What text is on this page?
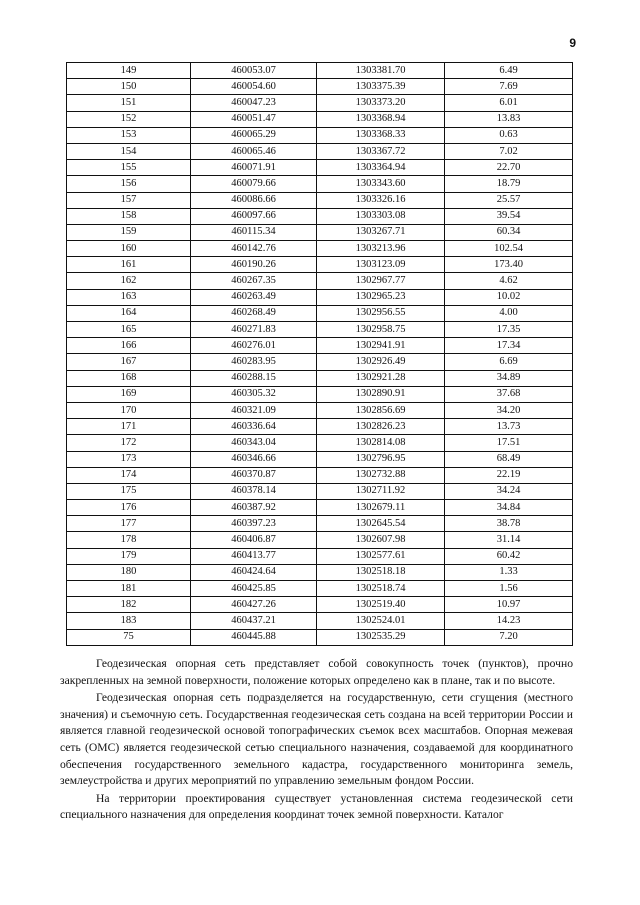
9
149	460053.07	1303381.70	6.49
150	460054.60	1303375.39	7.69
151	460047.23	1303373.20	6.01
152	460051.47	1303368.94	13.83
153	460065.29	1303368.33	0.63
154	460065.46	1303367.72	7.02
155	460071.91	1303364.94	22.70
156	460079.66	1303343.60	18.79
157	460086.66	1303326.16	25.57
158	460097.66	1303303.08	39.54
159	460115.34	1303267.71	60.34
160	460142.76	1303213.96	102.54
161	460190.26	1303123.09	173.40
162	460267.35	1302967.77	4.62
163	460263.49	1302965.23	10.02
164	460268.49	1302956.55	4.00
165	460271.83	1302958.75	17.35
166	460276.01	1302941.91	17.34
167	460283.95	1302926.49	6.69
168	460288.15	1302921.28	34.89
169	460305.32	1302890.91	37.68
170	460321.09	1302856.69	34.20
171	460336.64	1302826.23	13.73
172	460343.04	1302814.08	17.51
173	460346.66	1302796.95	68.49
174	460370.87	1302732.88	22.19
175	460378.14	1302711.92	34.24
176	460387.92	1302679.11	34.84
177	460397.23	1302645.54	38.78
178	460406.87	1302607.98	31.14
179	460413.77	1302577.61	60.42
180	460424.64	1302518.18	1.33
181	460425.85	1302518.74	1.56
182	460427.26	1302519.40	10.97
183	460437.21	1302524.01	14.23
75	460445.88	1302535.29	7.20

Геодезическая опорная сеть представляет собой совокупность точек (пунктов), прочно закрепленных на земной поверхности, положение которых определено как в плане, так и по высоте.

Геодезическая опорная сеть подразделяется на государственную, сети сгущения (местного значения) и съемочную сеть. Государственная геодезическая сеть создана на всей территории России и является главной геодезической основой топографических съемок всех масштабов. Опорная межевая сеть (ОМС) является геодезической сетью специального назначения, создаваемой для координатного обеспечения государственного земельного кадастра, государственного мониторинга земель, землеустройства и других мероприятий по управлению земельным фондом России.

На территории проектирования существует установленная система геодезической сети специального назначения для определения координат точек земной поверхности. Каталог
